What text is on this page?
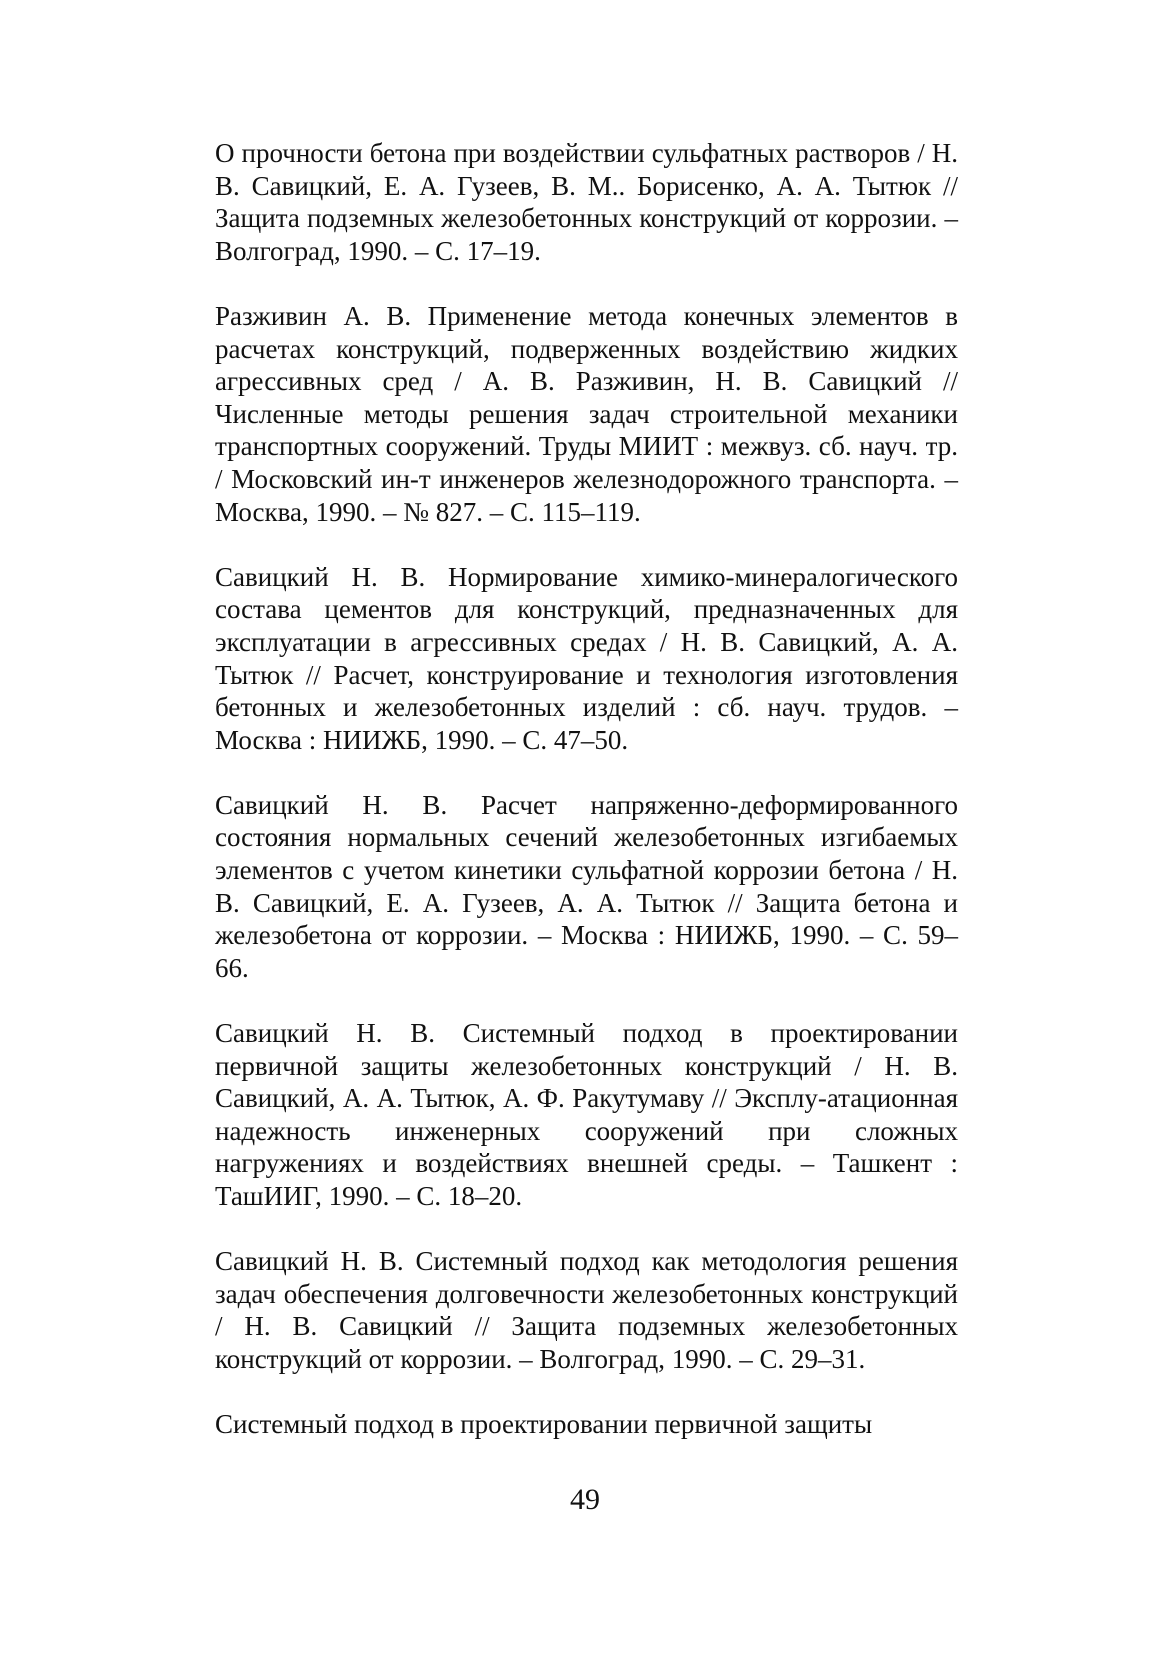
О прочности бетона при воздействии сульфатных растворов / Н. В. Савицкий, Е. А. Гузеев, В. М.. Борисенко, А. А. Тытюк // Защита подземных железобетонных конструкций от коррозии. – Волгоград, 1990. – С. 17–19.

Разживин А. В. Применение метода конечных элементов в расчетах конструкций, подверженных воздействию жидких агрессивных сред / А. В. Разживин, Н. В. Савицкий // Численные методы решения задач строительной механики транспортных сооружений. Труды МИИТ : межвуз. сб. науч. тр. / Московский ин-т инженеров железнодорожного транспорта. – Москва, 1990. – № 827. – С. 115–119.

Савицкий Н. В. Нормирование химико-минералогического состава цементов для конструкций, предназначенных для эксплуатации в агрессивных средах / Н. В. Савицкий, А. А. Тытюк // Расчет, конструирование и технология изготовления бетонных и железобетонных изделий : сб. науч. трудов. – Москва : НИИЖБ, 1990. – С. 47–50.

Савицкий Н. В. Расчет напряженно-деформированного состояния нормальных сечений железобетонных изгибаемых элементов с учетом кинетики сульфатной коррозии бетона / Н. В. Савицкий, Е. А. Гузеев, А. А. Тытюк // Защита бетона и железобетона от коррозии. – Москва : НИИЖБ, 1990. – С. 59–66.

Савицкий Н. В. Системный подход в проектировании первичной защиты железобетонных конструкций / Н. В. Савицкий, А. А. Тытюк, А. Ф. Ракутумаву // Эксплу-атационная надежность инженерных сооружений при сложных нагружениях и воздействиях внешней среды. – Ташкент : ТашИИГ, 1990. – С. 18–20.

Савицкий Н. В. Системный подход как методология решения задач обеспечения долговечности железобетонных конструкций / Н. В. Савицкий // Защита подземных железобетонных конструкций от коррозии. – Волгоград, 1990. – С. 29–31.

Системный подход в проектировании первичной защиты

49
